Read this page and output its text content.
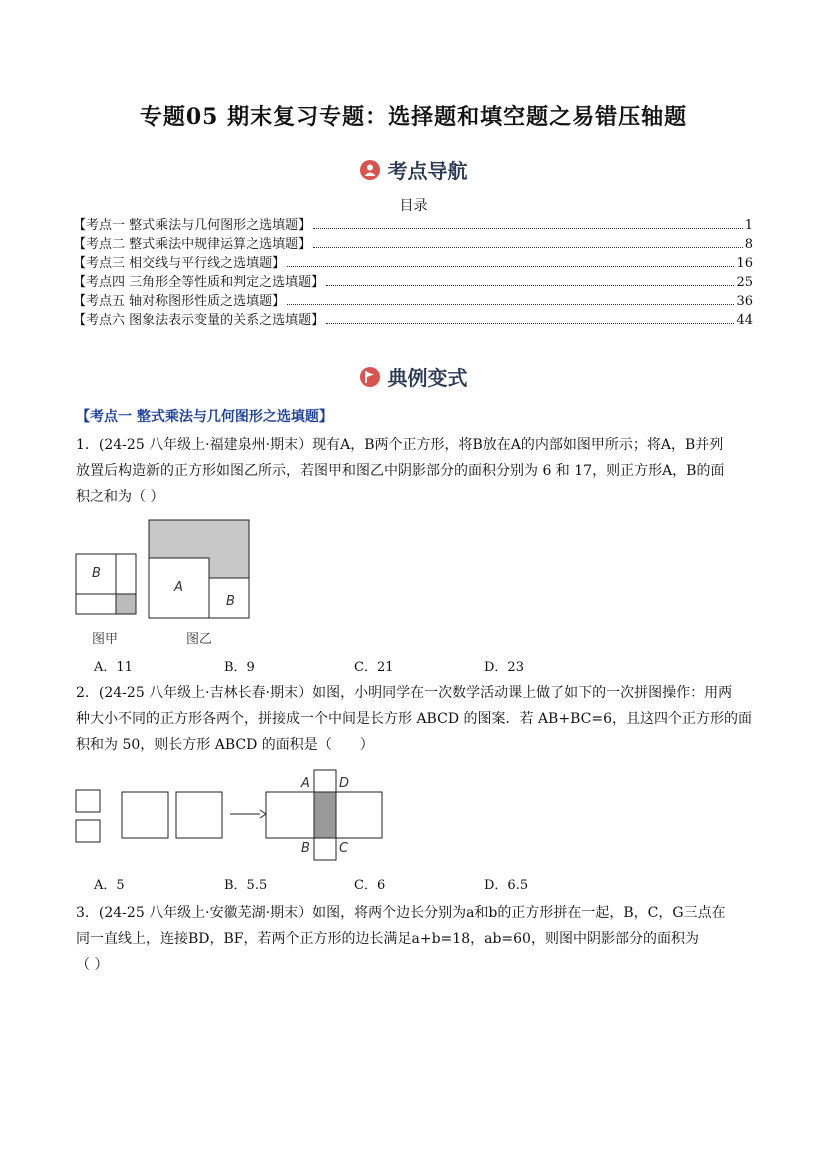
专题05 期末复习专题：选择题和填空题之易错压轴题
考点导航
目录
【考点一 整式乘法与几何图形之选填题】	1
【考点二 整式乘法中规律运算之选填题】	8
【考点三 相交线与平行线之选填题】	16
【考点四 三角形全等性质和判定之选填题】	25
【考点五 轴对称图形性质之选填题】	36
【考点六 图象法表示变量的关系之选填题】	44
典例变式
【考点一 整式乘法与几何图形之选填题】
1．(24-25 八年级上·福建泉州·期末）现有A，B两个正方形，将B放在A的内部如图甲所示；将A，B并列
放置后构造新的正方形如图乙所示，若图甲和图乙中阴影部分的面积分别为 6 和 17，则正方形A，B的面
积之和为（ ）
B
A
B
图甲	图乙
A．11	B．9	C．21	D．23
2．(24-25 八年级上·吉林长春·期末）如图，小明同学在一次数学活动课上做了如下的一次拼图操作：用两
种大小不同的正方形各两个，拼接成一个中间是长方形 ABCD 的图案．若 AB+BC=6，且这四个正方形的面
积和为 50，则长方形 ABCD 的面积是（　　）
A D
B C
A．5	B．5.5	C．6	D．6.5
3．(24-25 八年级上·安徽芜湖·期末）如图，将两个边长分别为a和b的正方形拼在一起，B，C，G三点在
同一直线上，连接BD，BF，若两个正方形的边长满足a+b=18，ab=60，则图中阴影部分的面积为
（ ）
